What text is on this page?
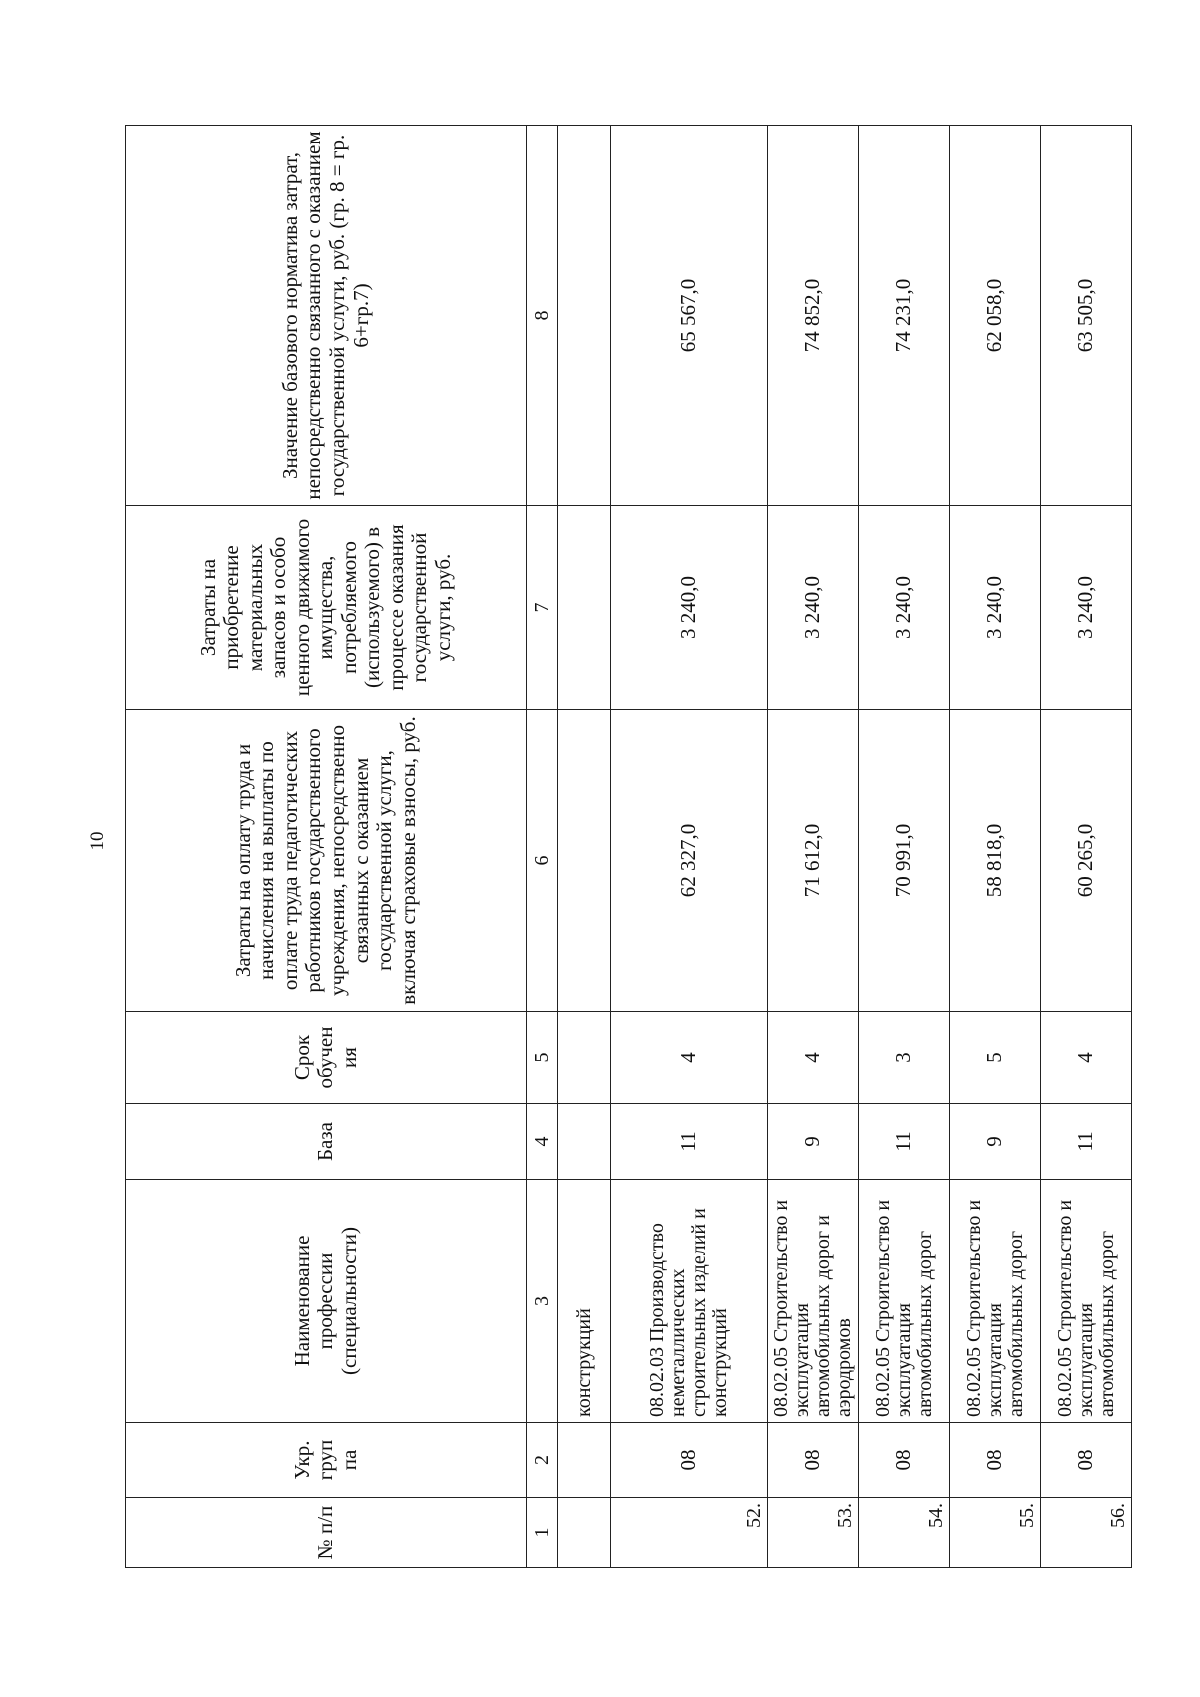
10
№ п/п	Укр. груп па	Наименование профессии (специальности)	База	Срок обучен ия	Затраты на оплату труда и начисления на выплаты по оплате труда педагогических работников государственного учреждения, непосредственно связанных с оказанием государственной услуги, включая страховые взносы, руб.	Затраты на приобретение материальных запасов и особо ценного движимого имущества, потребляемого (используемого) в процессе оказания государственной услуги, руб.	Значение базового норматива затрат, непосредственно связанного с оказанием государственной услуги, руб. (гр. 8 = гр. 6+гр.7)
1	2	3	4	5	6	7	8
		конструкций					
52.	08	08.02.03 Производство неметаллических строительных изделий и конструкций	11	4	62 327,0	3 240,0	65 567,0
53.	08	08.02.05 Строительство и эксплуатация автомобильных дорог и аэродромов	9	4	71 612,0	3 240,0	74 852,0
54.	08	08.02.05 Строительство и эксплуатация автомобильных дорог	11	3	70 991,0	3 240,0	74 231,0
55.	08	08.02.05 Строительство и эксплуатация автомобильных дорог	9	5	58 818,0	3 240,0	62 058,0
56.	08	08.02.05 Строительство и эксплуатация автомобильных дорог	11	4	60 265,0	3 240,0	63 505,0
